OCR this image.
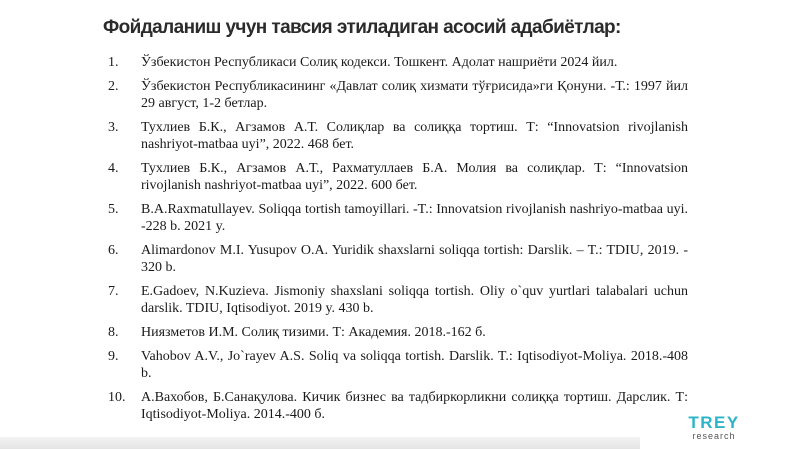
Фойдаланиш учун тавсия этиладиган асосий адабиётлар:
1.	Ўзбекистон Республикаси Солиқ кодекси. Тошкент. Адолат нашриёти 2024 йил.
2.	Ўзбекистон Республикасининг «Давлат солиқ хизмати тўғрисида»ги Қонуни. -Т.: 1997 йил 29 август, 1-2 бетлар.
3.	Тухлиев Б.К., Агзамов А.Т. Солиқлар ва солиққа тортиш. Т: “Innovatsion rivojlanish nashriyot-matbaa uyi”, 2022. 468 бет.
4.	Тухлиев Б.К., Агзамов А.Т., Рахматуллаев Б.А. Молия ва солиқлар. Т: “Innovatsion rivojlanish nashriyot-matbaa uyi”, 2022. 600 бет.
5.	B.A.Raxmatullayev. Soliqqa tortish tamoyillari. -T.: Innovatsion rivojlanish nashriyo-matbaa uyi. -228 b. 2021 y.
6.	Alimardonov M.I. Yusupov O.A. Yuridik shaxslarni soliqqa tortish: Darslik. – T.: TDIU, 2019. - 320 b.
7.	E.Gadoev, N.Kuzieva. Jismoniy shaxslani soliqqa tortish. Oliy o`quv yurtlari talabalari uchun darslik. TDIU, Iqtisodiyot. 2019 y. 430 b.
8.	Ниязметов И.М. Солиқ тизими. Т: Академия. 2018.-162 б.
9.	Vahobov A.V., Jo`rayev A.S. Soliq va soliqqa tortish. Darslik. T.: Iqtisodiyot-Moliya. 2018.-408 b.
10.	А.Вахобов, Б.Санақулова. Кичик бизнес ва тадбиркорликни солиққа тортиш. Дарслик. Т: Iqtisodiyot-Moliya. 2014.-400 б.	TREY
research
